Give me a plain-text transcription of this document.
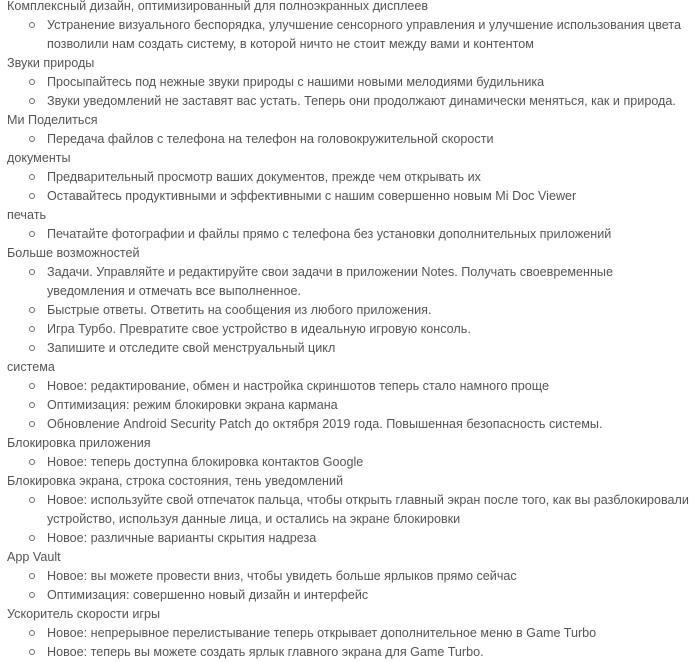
Комплексный дизайн, оптимизированный для полноэкранных дисплеев
Устранение визуального беспорядка, улучшение сенсорного управления и улучшение использования цвета позволили нам создать систему, в которой ничто не стоит между вами и контентом
Звуки природы
Просыпайтесь под нежные звуки природы с нашими новыми мелодиями будильника
Звуки уведомлений не заставят вас устать. Теперь они продолжают динамически меняться, как и природа.
Mи Поделиться
Передача файлов с телефона на телефон на головокружительной скорости
документы
Предварительный просмотр ваших документов, прежде чем открывать их
Оставайтесь продуктивными и эффективными с нашим совершенно новым Mi Doc Viewer
печать
Печатайте фотографии и файлы прямо с телефона без установки дополнительных приложений
Больше возможностей
Задачи. Управляйте и редактируйте свои задачи в приложении Notes. Получать своевременные уведомления и отмечать все выполненное.
Быстрые ответы. Ответить на сообщения из любого приложения.
Игра Турбо. Превратите свое устройство в идеальную игровую консоль.
Запишите и отследите свой менструальный цикл
система
Новое: редактирование, обмен и настройка скриншотов теперь стало намного проще
Оптимизация: режим блокировки экрана кармана
Обновление Android Security Patch до октября 2019 года. Повышенная безопасность системы.
Блокировка приложения
Новое: теперь доступна блокировка контактов Google
Блокировка экрана, строка состояния, тень уведомлений
Новое: используйте свой отпечаток пальца, чтобы открыть главный экран после того, как вы разблокировали устройство, используя данные лица, и остались на экране блокировки
Новое: различные варианты скрытия надреза
App Vault
Новое: вы можете провести вниз, чтобы увидеть больше ярлыков прямо сейчас
Оптимизация: совершенно новый дизайн и интерфейс
Ускоритель скорости игры
Новое: непрерывное перелистывание теперь открывает дополнительное меню в Game Turbo
Новое: теперь вы можете создать ярлык главного экрана для Game Turbo.
